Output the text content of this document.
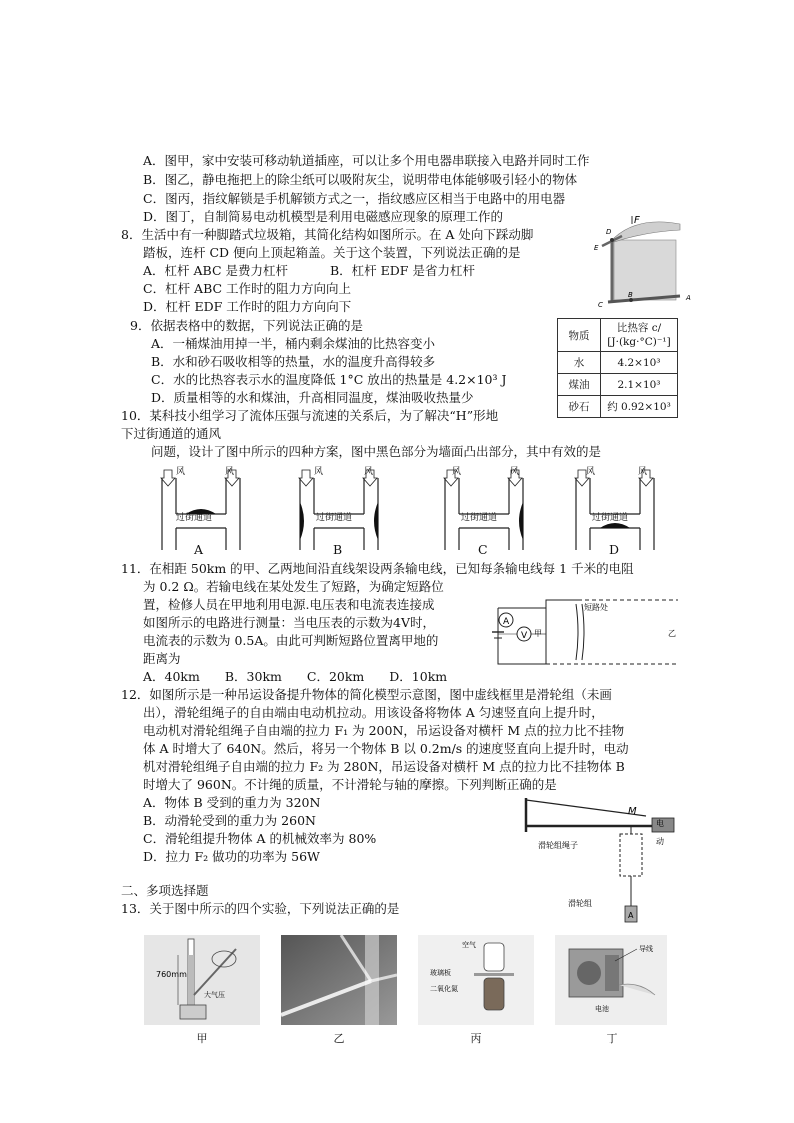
A．图甲，家中安装可移动轨道插座，可以让多个用电器串联接入电路并同时工作
B．图乙，静电拖把上的除尘纸可以吸附灰尘，说明带电体能够吸引轻小的物体
C．图丙，指纹解锁是手机解锁方式之一，指纹感应区相当于电路中的用电器
D．图丁，自制简易电动机模型是利用电磁感应现象的原理工作的
8．生活中有一种脚踏式垃圾箱，其简化结构如图所示。在 A 处向下踩动脚
踏板，连杆 CD 便向上顶起箱盖。关于这个装置，下列说法正确的是
A．杠杆 ABC 是费力杠杆	B．杠杆 EDF 是省力杠杆
C．杠杆 ABC 工作时的阻力方向向上
D．杠杆 EDF 工作时的阻力方向向下
F
D
E
C
B	A
9．依据表格中的数据，下列说法正确的是
A．一桶煤油用掉一半，桶内剩余煤油的比热容变小
B．水和砂石吸收相等的热量，水的温度升高得较多
C．水的比热容表示水的温度降低 1°C 放出的热量是 4.2×10³ J
D．质量相等的水和煤油，升高相同温度，煤油吸收热量少
物质	比热容 c/
[J·(kg·°C)⁻¹]

水	4.2×10³
煤油	2.1×10³
砂石	约 0.92×10³
10．某科技小组学习了流体压强与流速的关系后，为了解决“H”形地
下过街通道的通风
问题，设计了图中所示的四种方案，图中黑色部分为墙面凸出部分，其中有效的是
过街通道
A
风	风
过街通道
B
风	风
过街通道
C
风	风
过街通道
D
风	风
11．在相距 50km 的甲、乙两地间沿直线架设两条输电线，已知每条输电线每 1 千米的电阻
为 0.2 Ω。若输电线在某处发生了短路，为确定短路位
置，检修人员在甲地利用电源.电压表和电流表连接成
如图所示的电路进行测量：当电压表的示数为4V时，
电流表的示数为 0.5A。由此可判断短路位置离甲地的
距离为
A．40km　　B．30km　　C．20km　　D．10km
A
V 甲
短路处
乙
12．如图所示是一种吊运设备提升物体的简化模型示意图，图中虚线框里是滑轮组（未画
出），滑轮组绳子的自由端由电动机拉动。用该设备将物体 A 匀速竖直向上提升时，
电动机对滑轮组绳子自由端的拉力 F₁ 为 200N，吊运设备对横杆 M 点的拉力比不挂物
体 A 时增大了 640N。然后，将另一个物体 B 以 0.2m/s 的速度竖直向上提升时，电动
机对滑轮组绳子自由端的拉力 F₂ 为 280N，吊运设备对横杆 M 点的拉力比不挂物体 B
时增大了 960N。不计绳的质量，不计滑轮与轴的摩擦。下列判断正确的是
A．物体 B 受到的重力为 320N
B．动滑轮受到的重力为 260N
C．滑轮组提升物体 A 的机械效率为 80%
D．拉力 F₂ 做功的功率为 56W
M
滑轮组绳子
电
动
滑轮组
A
二、多项选择题
13．关于图中所示的四个实验，下列说法正确的是
760mm
大气压
空气
玻璃板
二氧化氮
导线
电池
甲	乙	丙	丁
